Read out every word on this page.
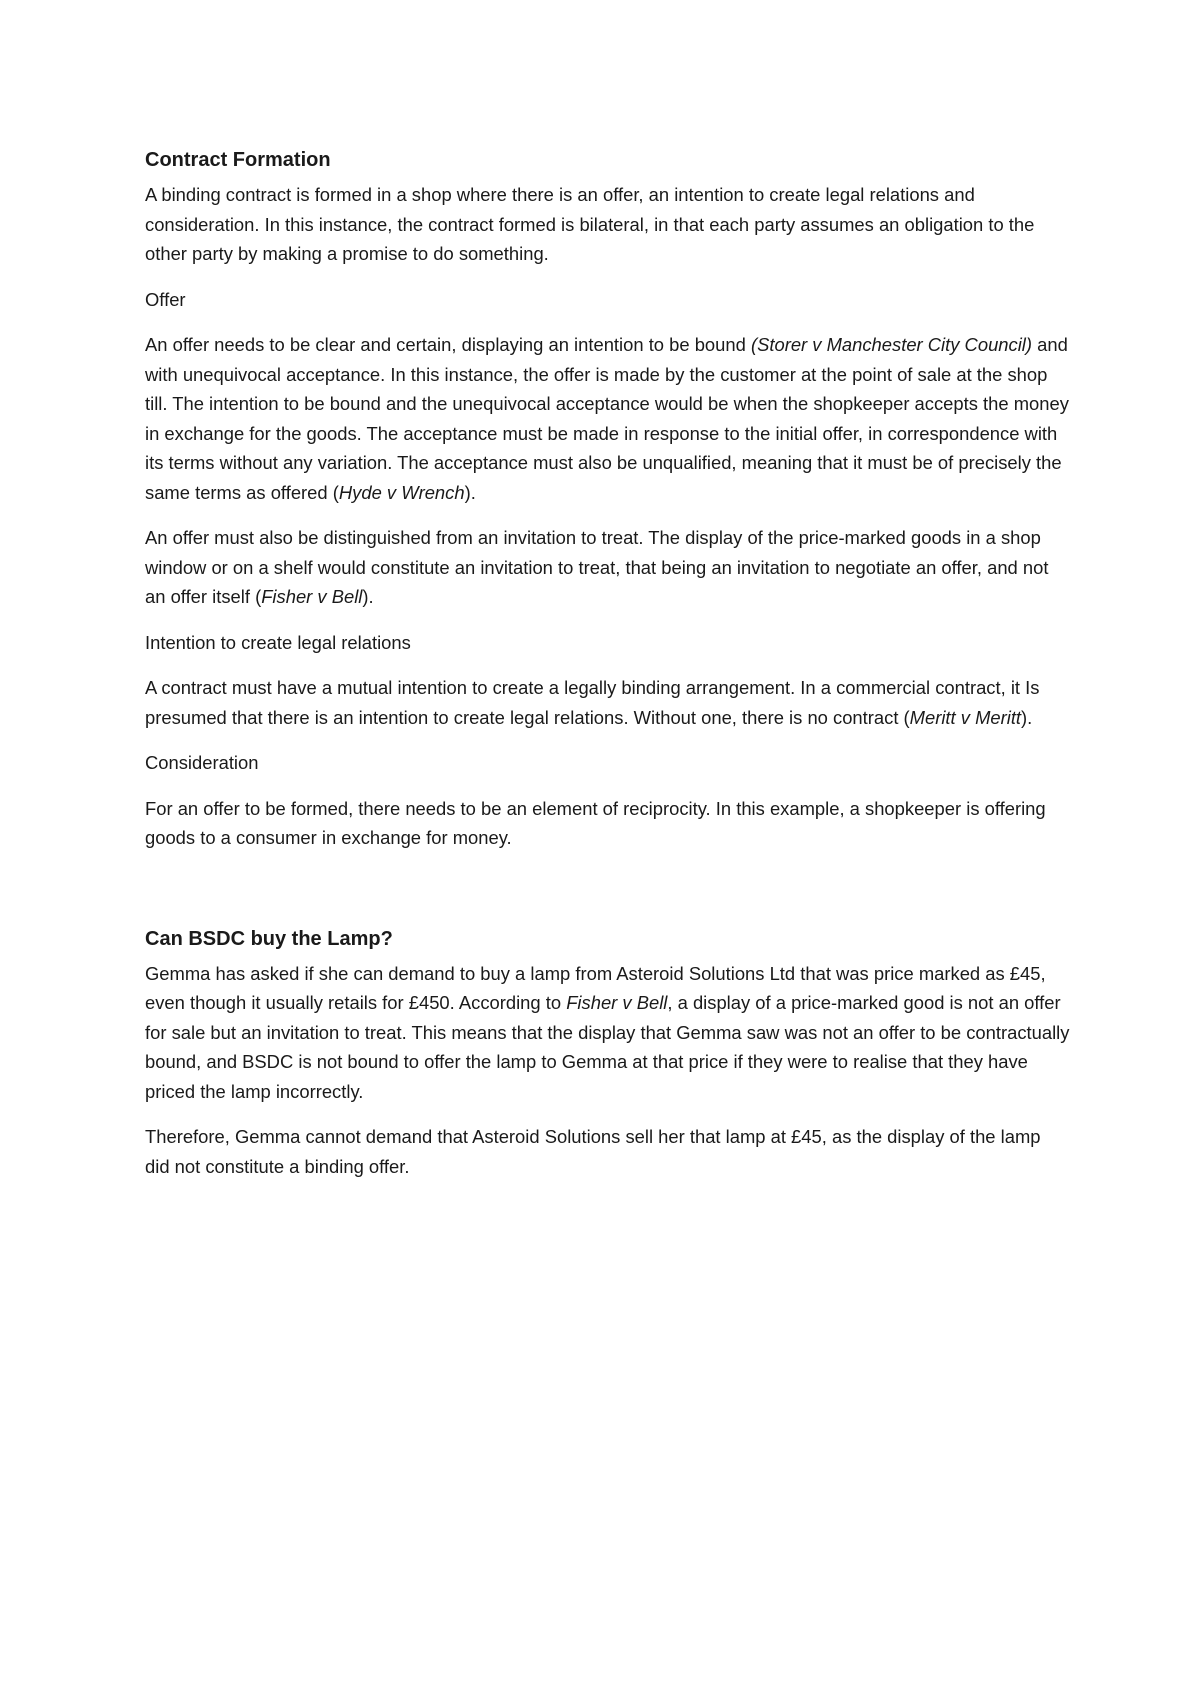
Contract Formation

A binding contract is formed in a shop where there is an offer, an intention to create legal relations and consideration. In this instance, the contract formed is bilateral, in that each party assumes an obligation to the other party by making a promise to do something.

Offer

An offer needs to be clear and certain, displaying an intention to be bound (Storer v Manchester City Council) and with unequivocal acceptance. In this instance, the offer is made by the customer at the point of sale at the shop till. The intention to be bound and the unequivocal acceptance would be when the shopkeeper accepts the money in exchange for the goods. The acceptance must be made in response to the initial offer, in correspondence with its terms without any variation. The acceptance must also be unqualified, meaning that it must be of precisely the same terms as offered (Hyde v Wrench).

An offer must also be distinguished from an invitation to treat. The display of the price-marked goods in a shop window or on a shelf would constitute an invitation to treat, that being an invitation to negotiate an offer, and not an offer itself (Fisher v Bell).

Intention to create legal relations

A contract must have a mutual intention to create a legally binding arrangement. In a commercial contract, it Is presumed that there is an intention to create legal relations. Without one, there is no contract (Meritt v Meritt).

Consideration

For an offer to be formed, there needs to be an element of reciprocity. In this example, a shopkeeper is offering goods to a consumer in exchange for money.

Can BSDC buy the Lamp?

Gemma has asked if she can demand to buy a lamp from Asteroid Solutions Ltd that was price marked as £45, even though it usually retails for £450. According to Fisher v Bell, a display of a price-marked good is not an offer for sale but an invitation to treat. This means that the display that Gemma saw was not an offer to be contractually bound, and BSDC is not bound to offer the lamp to Gemma at that price if they were to realise that they have priced the lamp incorrectly.

Therefore, Gemma cannot demand that Asteroid Solutions sell her that lamp at £45, as the display of the lamp did not constitute a binding offer.
